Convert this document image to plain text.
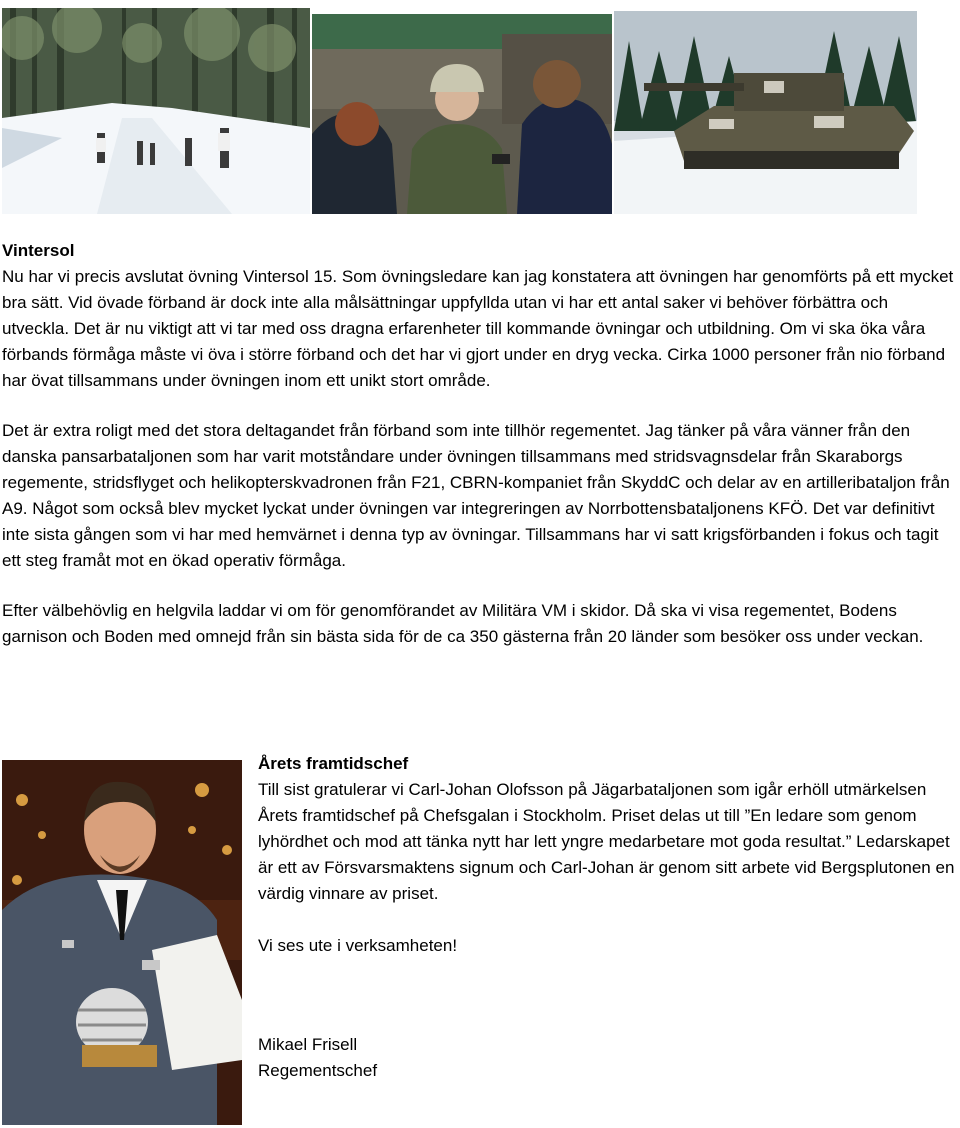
Vintersol

Nu har vi precis avslutat övning Vintersol 15. Som övningsledare kan jag konstatera att övningen har genomförts på ett mycket bra sätt. Vid övade förband är dock inte alla målsättningar uppfyllda utan vi har ett antal saker vi behöver förbättra och utveckla. Det är nu viktigt att vi tar med oss dragna erfarenheter till kommande övningar och utbildning. Om vi ska öka våra förbands förmåga måste vi öva i större förband och det har vi gjort under en dryg vecka. Cirka 1000 personer från nio förband har övat tillsammans under övningen inom ett unikt stort område.

Det är extra roligt med det stora deltagandet från förband som inte tillhör regementet. Jag tänker på våra vänner från den danska pansarbataljonen som har varit motståndare under övningen tillsammans med stridsvagnsdelar från Skaraborgs regemente, stridsflyget och helikopterskvadronen från F21, CBRN-kompaniet från SkyddC och delar av en artilleribataljon från A9. Något som också blev mycket lyckat under övningen var integreringen av Norrbottensbataljonens KFÖ. Det var definitivt inte sista gången som vi har med hemvärnet i denna typ av övningar. Tillsammans har vi satt krigsförbanden i fokus och tagit ett steg framåt mot en ökad operativ förmåga.

Efter välbehövlig en helgvila laddar vi om för genomförandet av Militära VM i skidor. Då ska vi visa regementet, Bodens garnison och Boden med omnejd från sin bästa sida för de ca 350 gästerna från 20 länder som besöker oss under veckan.

Årets framtidschef

Till sist gratulerar vi Carl-Johan Olofsson på Jägarbataljonen som igår erhöll utmärkelsen Årets framtidschef på Chefsgalan i Stockholm. Priset delas ut till ”En ledare som genom lyhördhet och mod att tänka nytt har lett yngre medarbetare mot goda resultat.” Ledarskapet är ett av Försvarsmaktens signum och Carl-Johan är genom sitt arbete vid Bergsplutonen en värdig vinnare av priset.

Vi ses ute i verksamheten!

Mikael Frisell

Regementschef
